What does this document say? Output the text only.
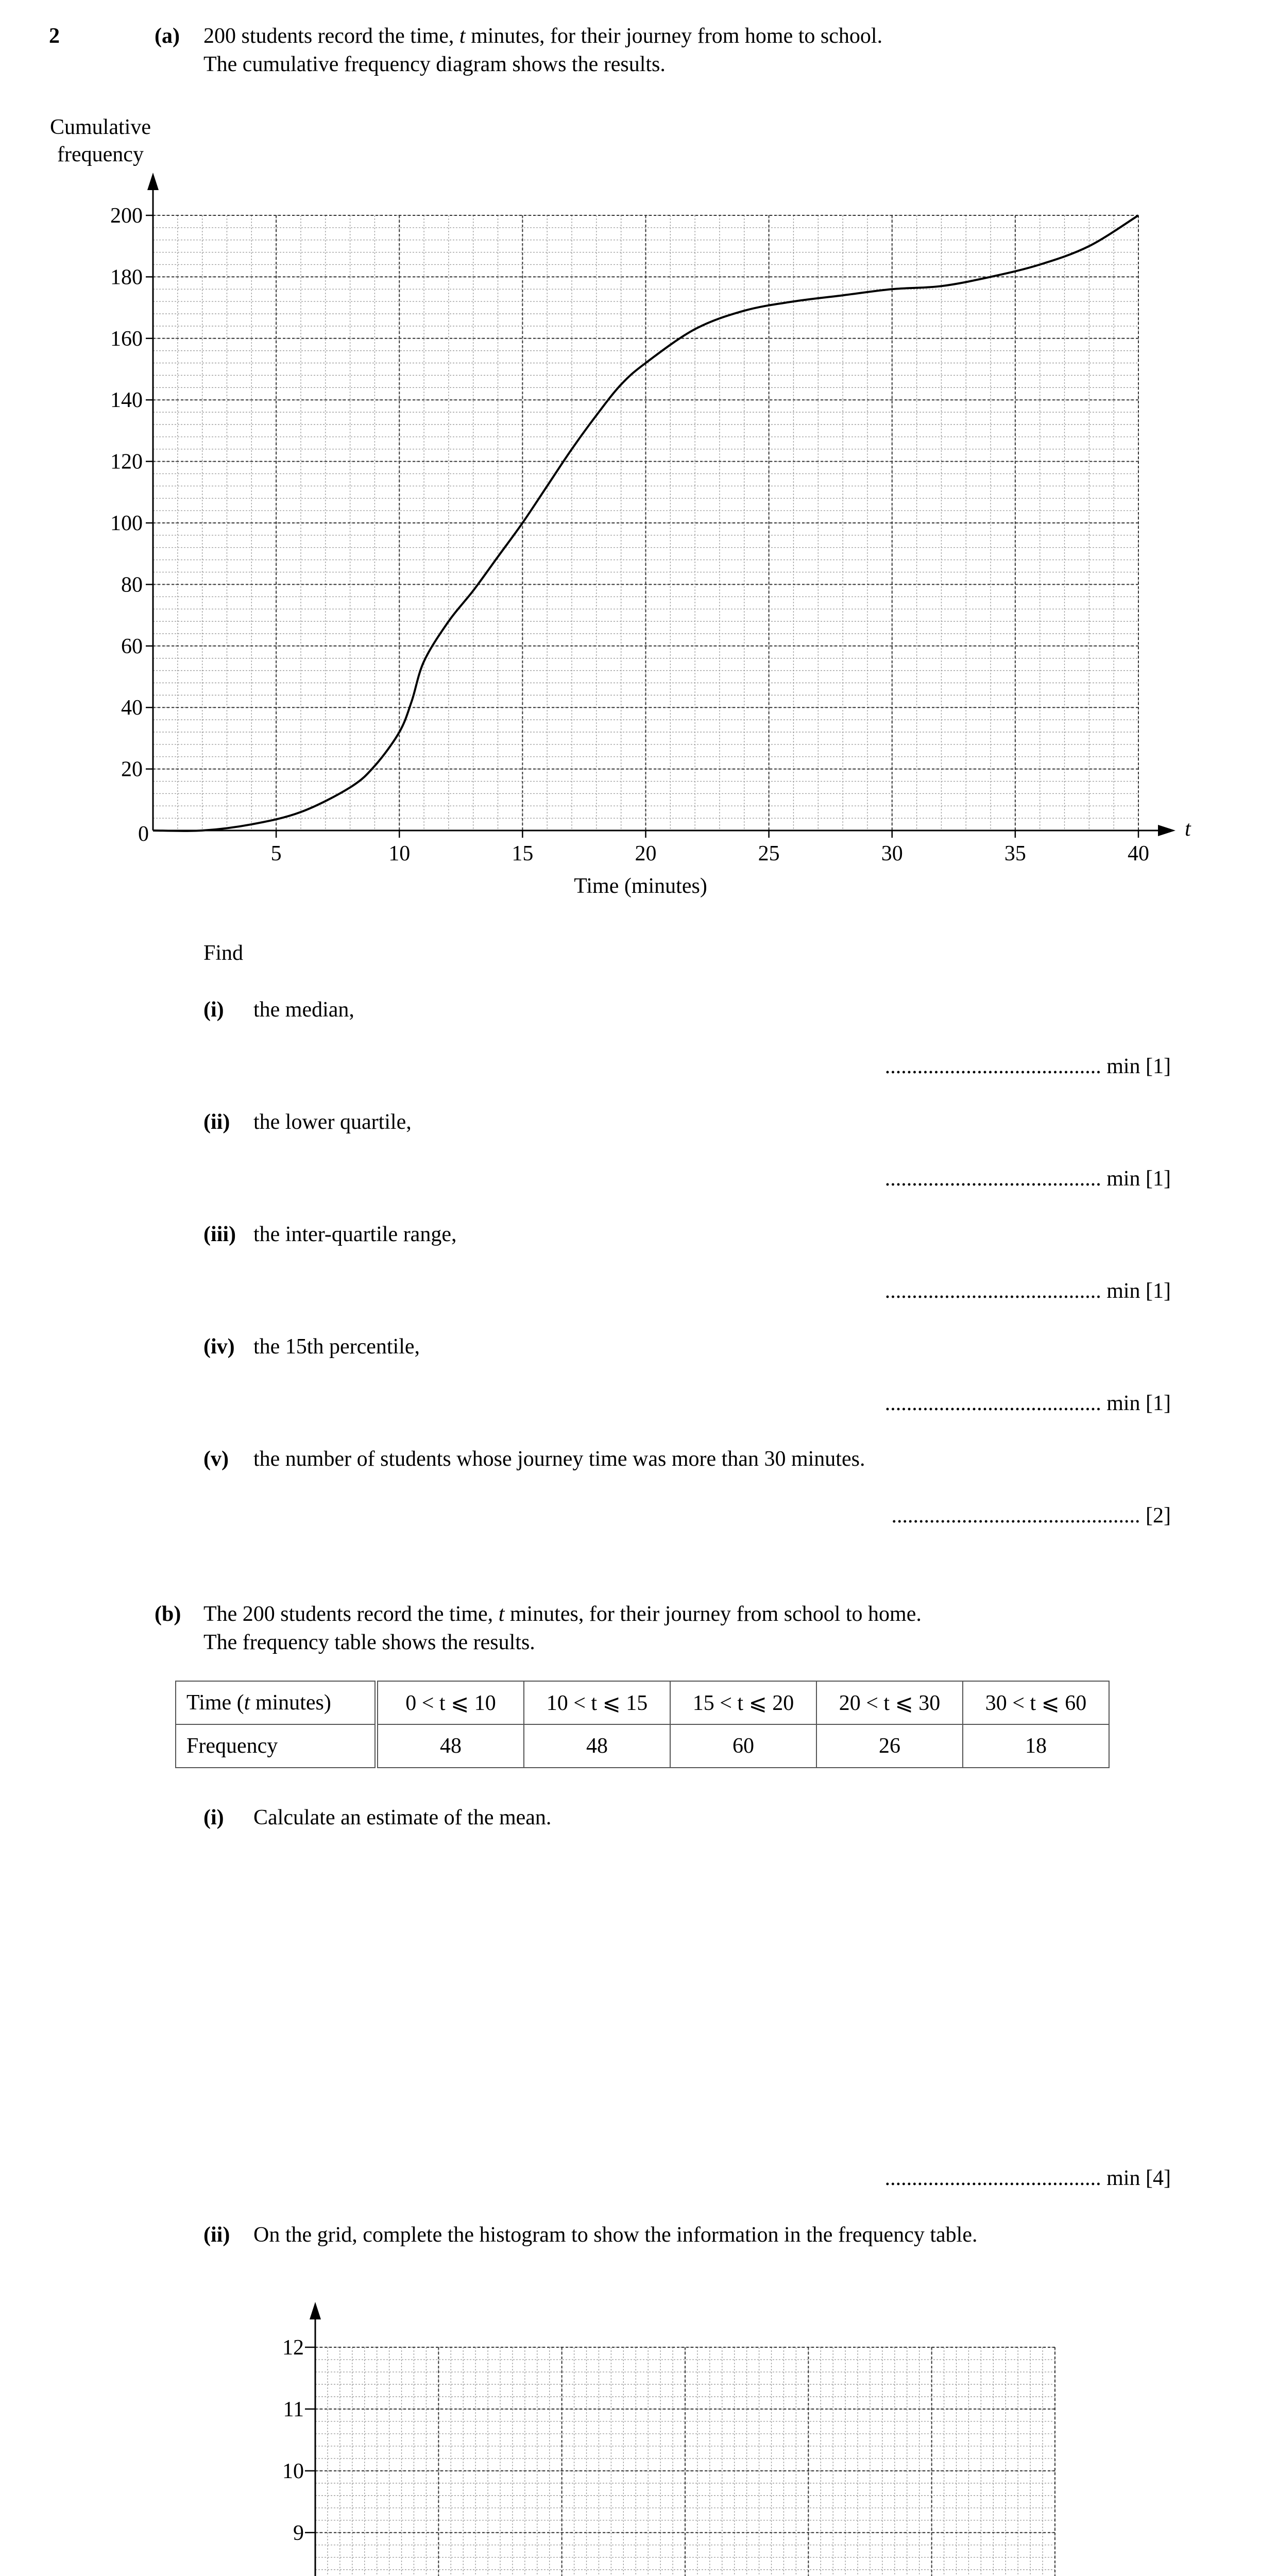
2	(a) 200 students record the time, t minutes, for their journey from home to school.
The cumulative frequency diagram shows the results.
Cumulative
frequency
20
40
60
80
100
120
140
160
180
200
0
5	10	15	20	25	30	35	40
t
Time (minutes)
Find
(i) the median,
........................................ min [1]
(ii) the lower quartile,
........................................ min [1]
(iii) the inter-quartile range,
........................................ min [1]
(iv) the 15th percentile,
........................................ min [1]
(v) the number of students whose journey time was more than 30 minutes.
.............................................. [2]
(b) The 200 students record the time, t minutes, for their journey from school to home.
The frequency table shows the results.
Time (t minutes)	0 < t ⩽ 10	10 < t ⩽ 15	15 < t ⩽ 20	20 < t ⩽ 30	30 < t ⩽ 60
Frequency	48	48	60	26	18
(i) Calculate an estimate of the mean.
........................................ min [4]
(ii) On the grid, complete the histogram to show the information in the frequency table.
9
10
11
12
